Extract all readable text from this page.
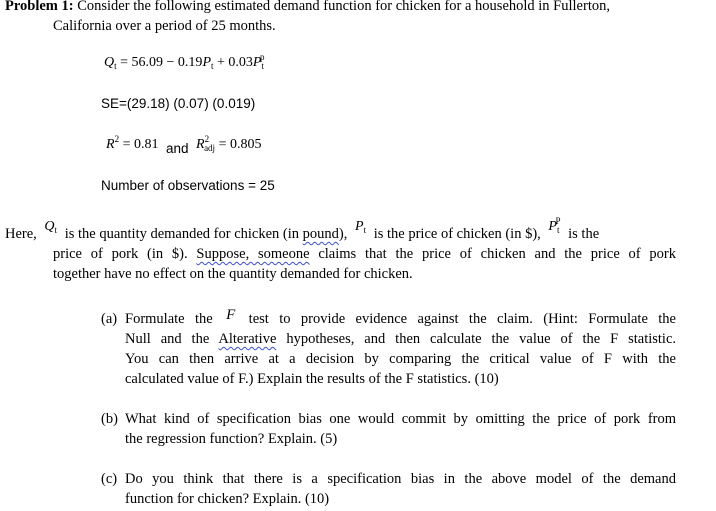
Problem 1: Consider the following estimated demand function for chicken for a household in Fullerton,
California over a period of 25 months.
$Q_t = 56.09 - 0.19P_t + 0.03P_t^p$
SE=(29.18) (0.07) (0.019)
$R^2 = 0.81$ and $R^2_{adj} = 0.805$
Number of observations = 25
Here, $Q_t$ is the quantity demanded for chicken (in pound), $P_t$ is the price of chicken (in $), $P_t^P$ is the
price of pork (in $). Suppose, someone claims that the price of chicken and the price of pork
together have no effect on the quantity demanded for chicken.
(a) Formulate the F test to provide evidence against the claim. (Hint: Formulate the
Null and the Alterative hypotheses, and then calculate the value of the F statistic.
You can then arrive at a decision by comparing the critical value of F with the
calculated value of F.) Explain the results of the F statistics. (10)
(b) What kind of specification bias one would commit by omitting the price of pork from
the regression function? Explain. (5)
(c) Do you think that there is a specification bias in the above model of the demand
function for chicken? Explain. (10)
